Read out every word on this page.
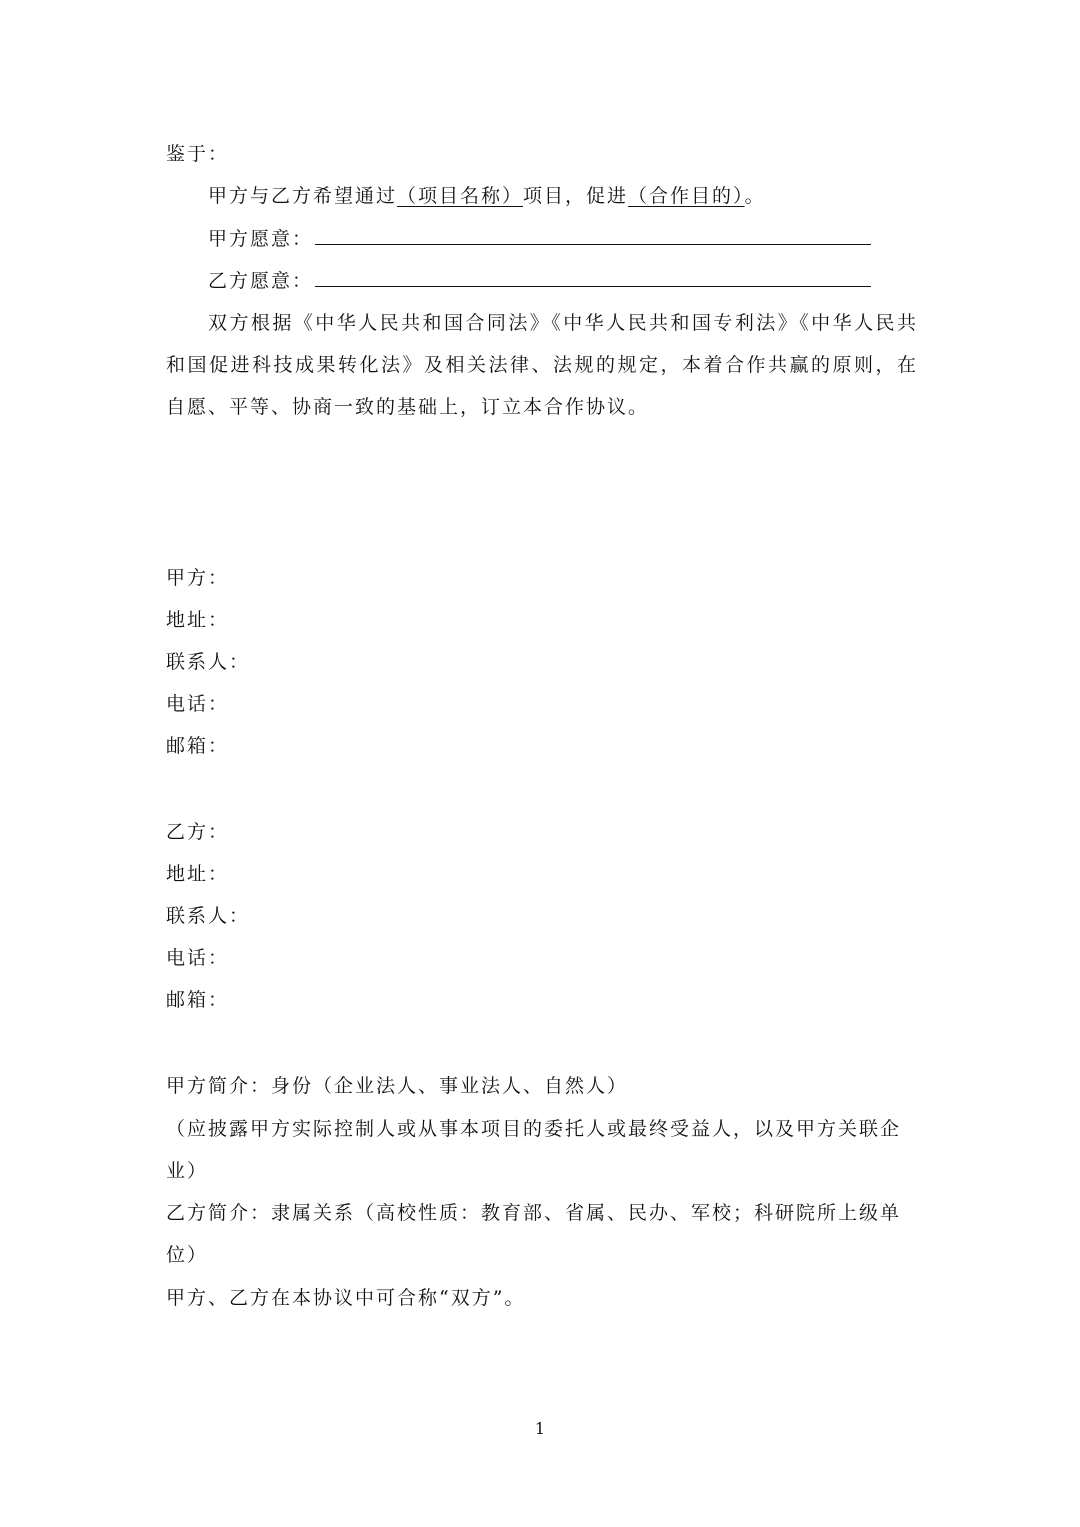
鉴于：
甲方与乙方希望通过（项目名称）项目，促进（合作目的）。
甲方愿意：
乙方愿意：
双方根据《中华人民共和国合同法》《中华人民共和国专利法》《中华人民共和国促进科技成果转化法》及相关法律、法规的规定，本着合作共赢的原则，在自愿、平等、协商一致的基础上，订立本合作协议。
甲方：
地址：
联系人：
电话：
邮箱：
乙方：
地址：
联系人：
电话：
邮箱：
甲方简介：身份（企业法人、事业法人、自然人）
（应披露甲方实际控制人或从事本项目的委托人或最终受益人，以及甲方关联企业）
乙方简介：隶属关系（高校性质：教育部、省属、民办、军校；科研院所上级单位）
甲方、乙方在本协议中可合称“双方”。
1
